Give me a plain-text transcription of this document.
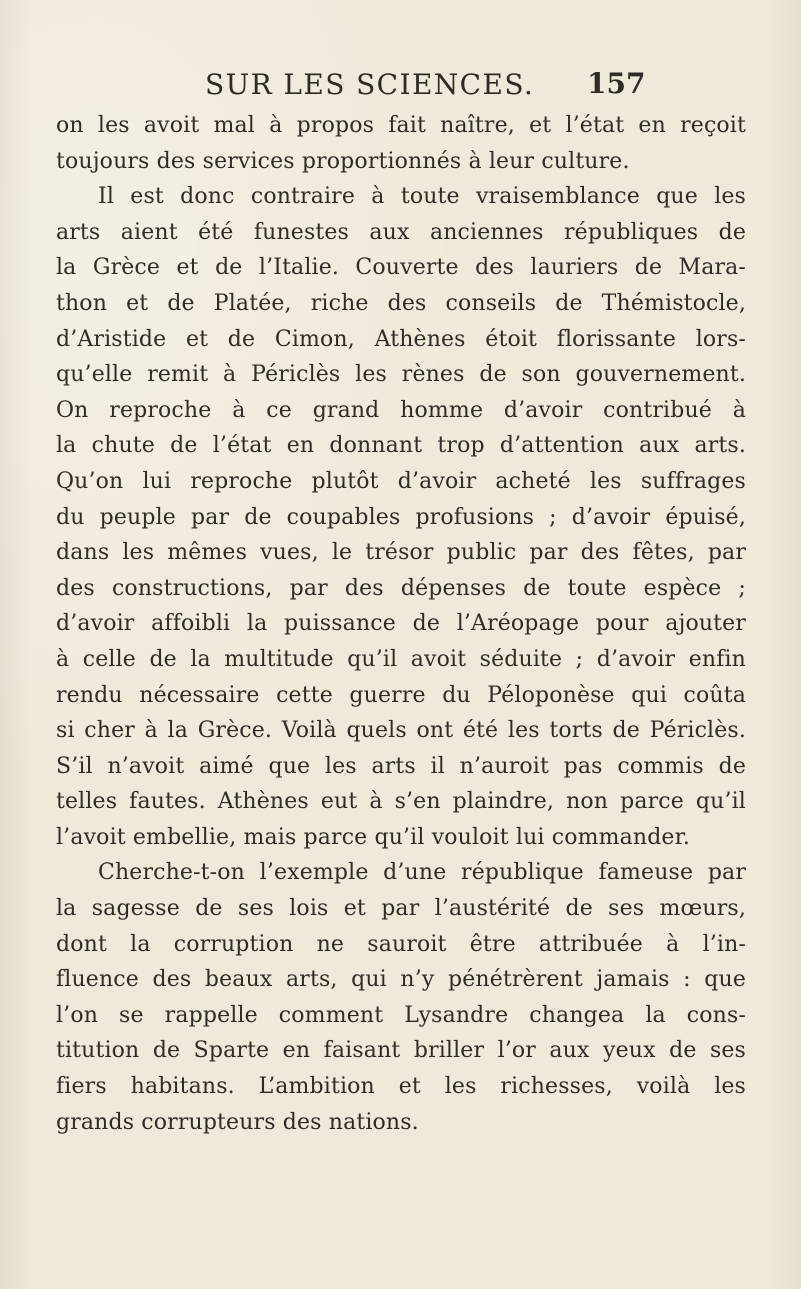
SUR LES SCIENCES. 157
on les avoit mal à propos fait naître, et l’état en reçoit
toujours des services proportionnés à leur culture.
Il est donc contraire à toute vraisemblance que les
arts aient été funestes aux anciennes républiques de
la Grèce et de l’Italie. Couverte des lauriers de Mara-
thon et de Platée, riche des conseils de Thémistocle,
d’Aristide et de Cimon, Athènes étoit florissante lors-
qu’elle remit à Périclès les rènes de son gouvernement.
On reproche à ce grand homme d’avoir contribué à
la chute de l’état en donnant trop d’attention aux arts.
Qu’on lui reproche plutôt d’avoir acheté les suffrages
du peuple par de coupables profusions ; d’avoir épuisé,
dans les mêmes vues, le trésor public par des fêtes, par
des constructions, par des dépenses de toute espèce ;
d’avoir affoibli la puissance de l’Aréopage pour ajouter
à celle de la multitude qu’il avoit séduite ; d’avoir enfin
rendu nécessaire cette guerre du Péloponèse qui coûta
si cher à la Grèce. Voilà quels ont été les torts de Périclès.
S’il n’avoit aimé que les arts il n’auroit pas commis de
telles fautes. Athènes eut à s’en plaindre, non parce qu’il
l’avoit embellie, mais parce qu’il vouloit lui commander.
Cherche-t-on l’exemple d’une république fameuse par
la sagesse de ses lois et par l’austérité de ses mœurs,
dont la corruption ne sauroit être attribuée à l’in-
fluence des beaux arts, qui n’y pénétrèrent jamais : que
l’on se rappelle comment Lysandre changea la cons-
titution de Sparte en faisant briller l’or aux yeux de ses
fiers habitans. L’ambition et les richesses, voilà les
grands corrupteurs des nations.
